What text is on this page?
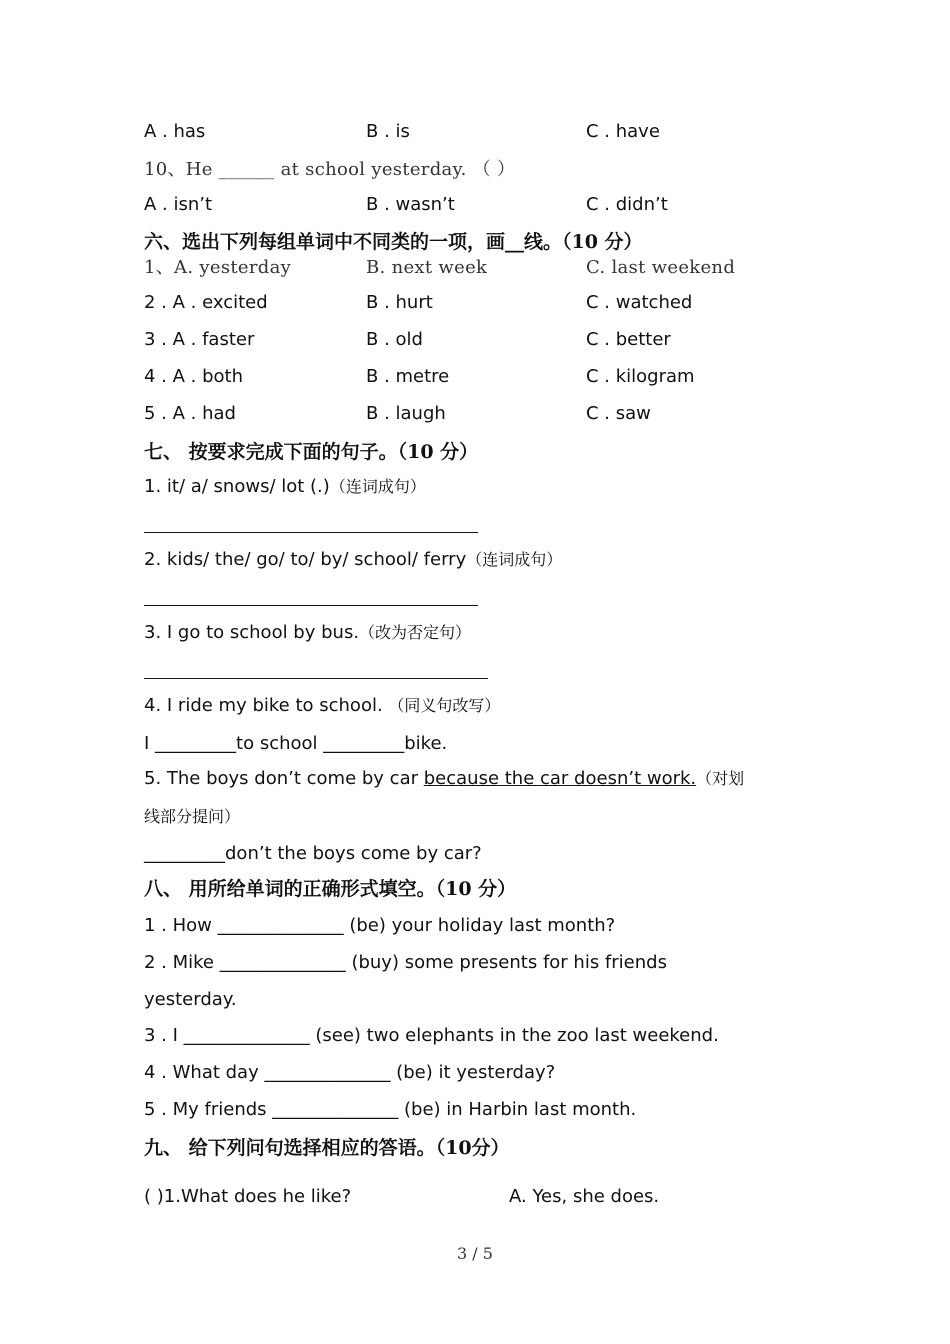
A . has	B . is	C . have
10、He ______ at school yesterday. （ ）
A . isn’t	B . wasn’t	C . didn’t
六、选出下列每组单词中不同类的一项，画__线。（10 分）
1、A. yesterday	B. next week	C. last weekend
2 . A . excited	B . hurt	C . watched
3 . A . faster	B . old	C . better
4 . A . both	B . metre	C . kilogram
5 . A . had	B . laugh	C . saw
七、 按要求完成下面的句子。（10 分）
1. it/ a/ snows/ lot (.)（连词成句）
2. kids/ the/ go/ to/ by/ school/ ferry（连词成句）
3. I go to school by bus.（改为否定句）
4. I ride my bike to school. （同义句改写）
I _________to school _________bike.
5. The boys don’t come by car because the car doesn’t work.（对划
线部分提问）
_________don’t the boys come by car?
八、 用所给单词的正确形式填空。（10 分）
1 . How ______________ (be) your holiday last month?
2 . Mike ______________ (buy) some presents for his friends
yesterday.
3 . I ______________ (see) two elephants in the zoo last weekend.
4 . What day ______________ (be) it yesterday?
5 . My friends ______________ (be) in Harbin last month.
九、 给下列问句选择相应的答语。（10分）
( )1.What does he like?	A. Yes, she does.
3 / 5
